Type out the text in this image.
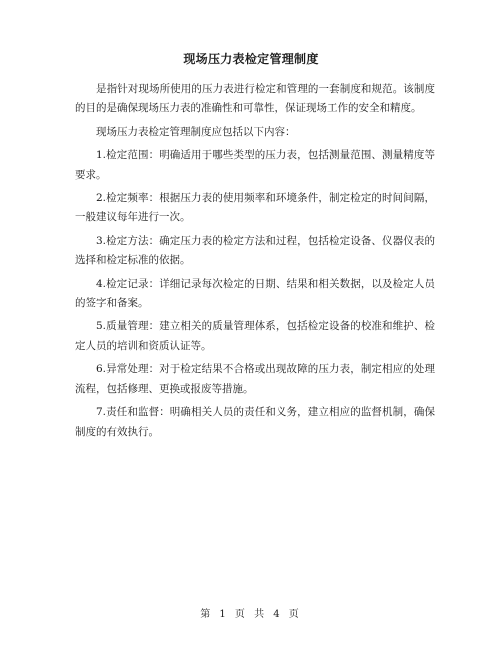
现场压力表检定管理制度

是指针对现场所使用的压力表进行检定和管理的一套制度和规范。该制度的目的是确保现场压力表的准确性和可靠性，保证现场工作的安全和精度。

现场压力表检定管理制度应包括以下内容：

1.检定范围：明确适用于哪些类型的压力表，包括测量范围、测量精度等要求。

2.检定频率：根据压力表的使用频率和环境条件，制定检定的时间间隔，一般建议每年进行一次。

3.检定方法：确定压力表的检定方法和过程，包括检定设备、仪器仪表的选择和检定标准的依据。

4.检定记录：详细记录每次检定的日期、结果和相关数据，以及检定人员的签字和备案。

5.质量管理：建立相关的质量管理体系，包括检定设备的校准和维护、检定人员的培训和资质认证等。

6.异常处理：对于检定结果不合格或出现故障的压力表，制定相应的处理流程，包括修理、更换或报废等措施。

7.责任和监督：明确相关人员的责任和义务，建立相应的监督机制，确保制度的有效执行。

第 1 页 共 4 页
